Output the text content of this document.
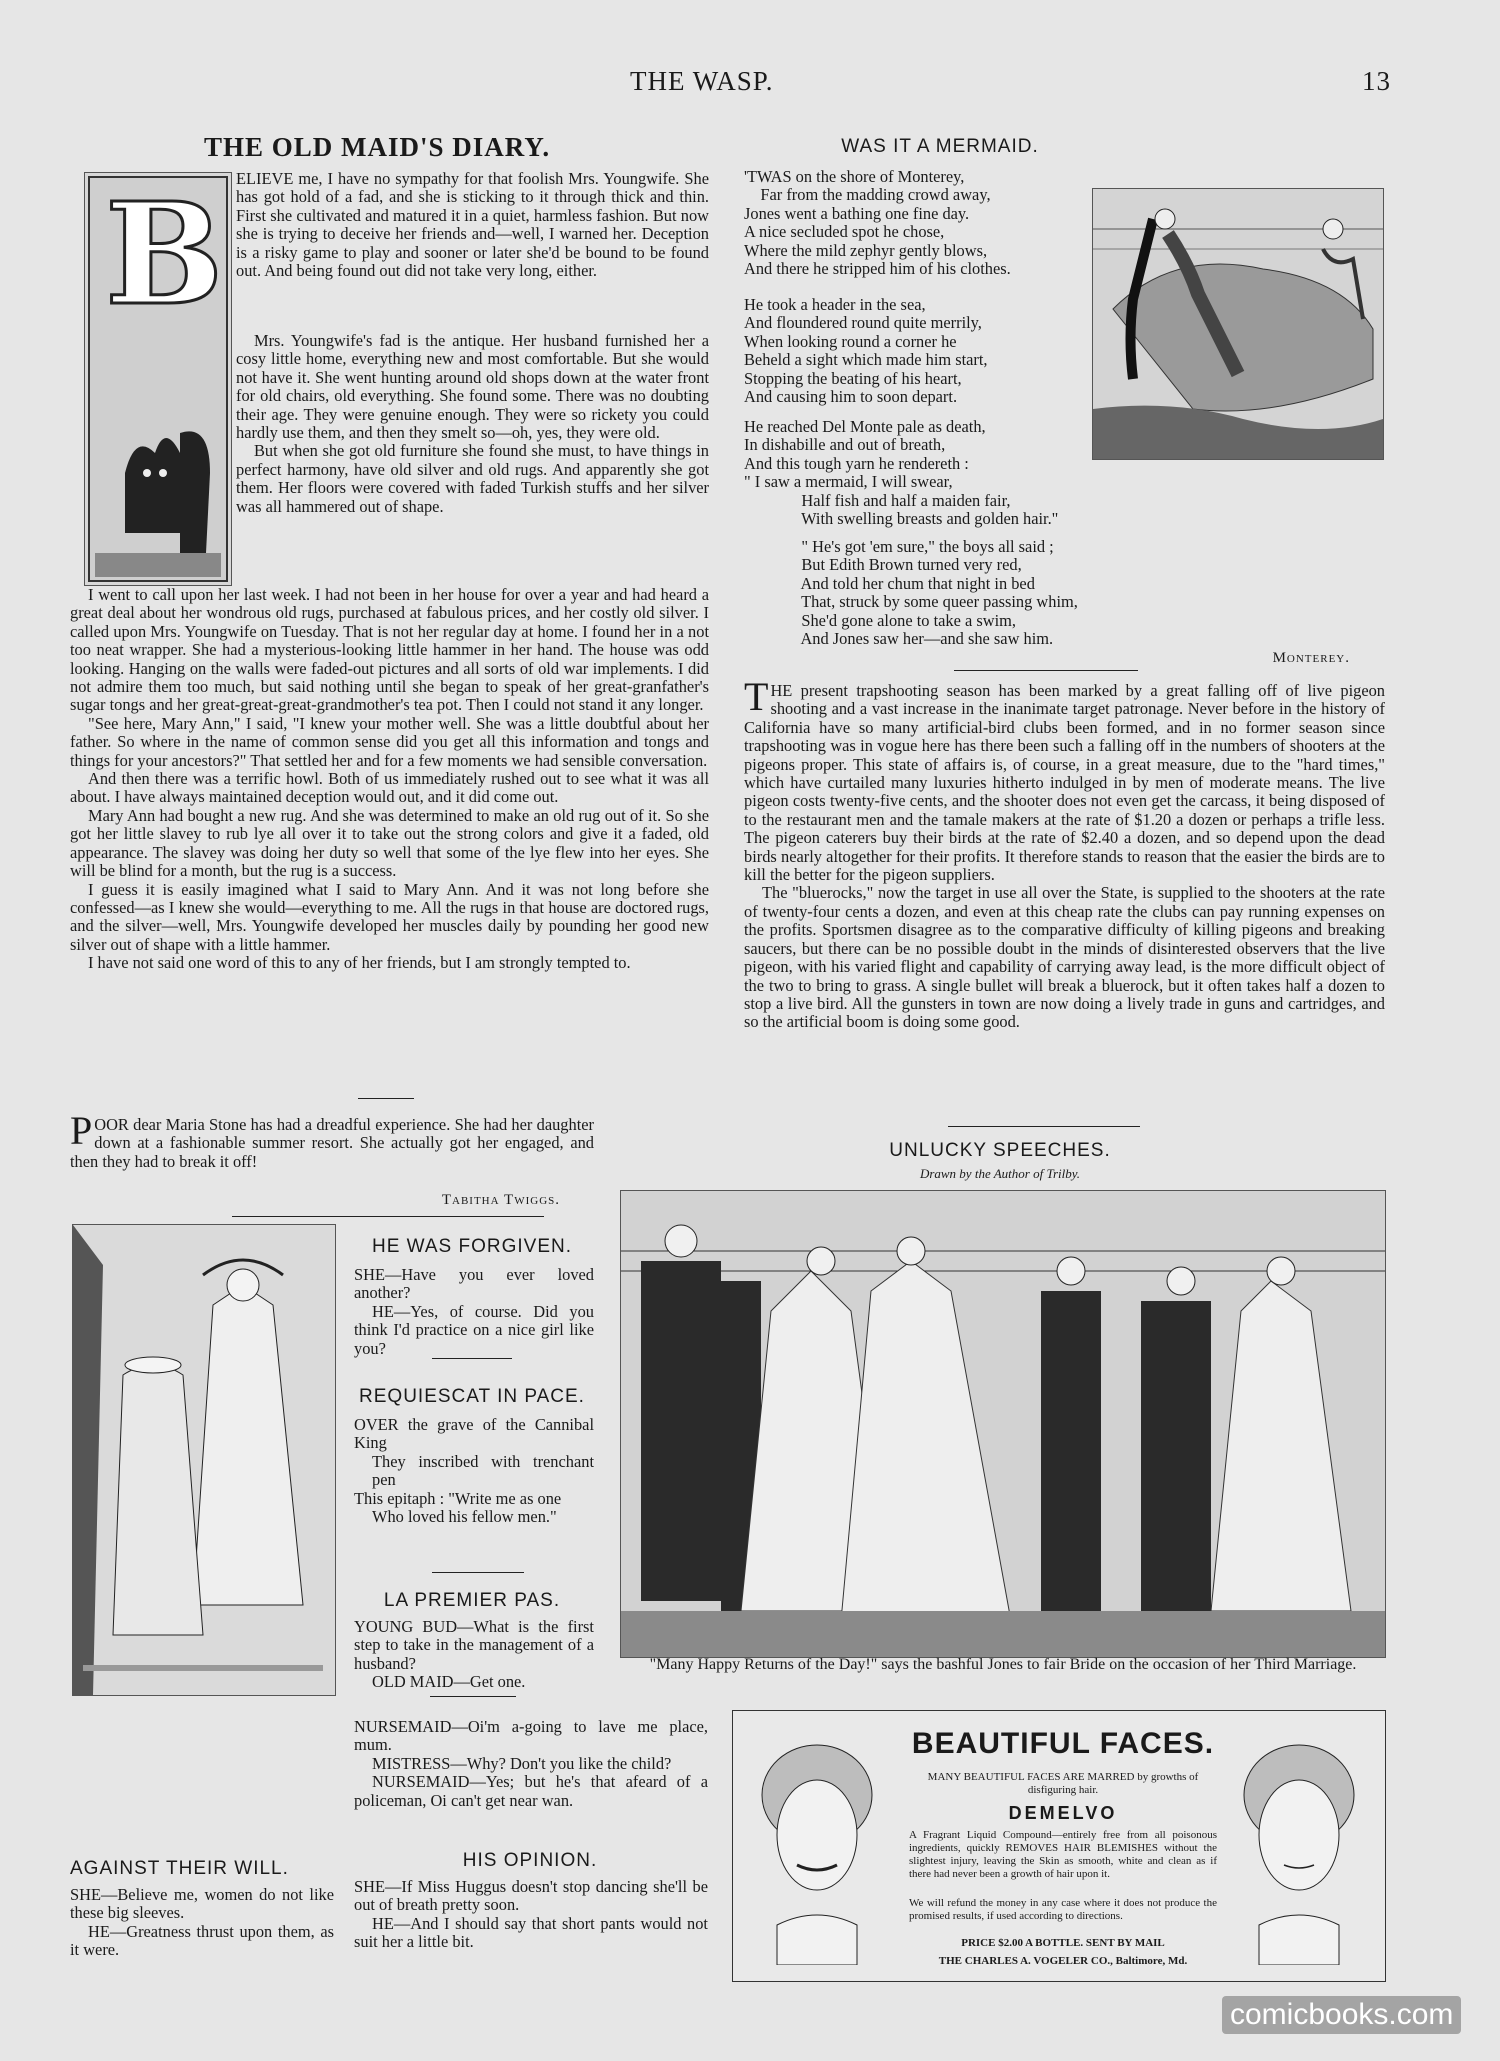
THE WASP.	13
THE OLD MAID'S DIARY.
B ELIEVE me, I have no sympathy for that foolish Mrs. Youngwife. She has got hold of a fad, and she is sticking to it through thick and thin. First she cultivated and matured it in a quiet, harmless fashion. But now she is trying to deceive her friends and—well, I warned her. Deception is a risky game to play and sooner or later she'd be bound to be found out. And being found out did not take very long, either.

Mrs. Youngwife's fad is the antique. Her husband furnished her a cosy little home, everything new and most comfortable. But she would not have it. She went hunting around old shops down at the water front for old chairs, old everything. She found some. There was no doubting their age. They were genuine enough. They were so rickety you could hardly use them, and then they smelt so—oh, yes, they were old.

But when she got old furniture she found she must, to have things in perfect harmony, have old silver and old rugs. And apparently she got them. Her floors were covered with faded Turkish stuffs and her silver was all hammered out of shape.

I went to call upon her last week. I had not been in her house for over a year and had heard a great deal about her wondrous old rugs, purchased at fabulous prices, and her costly old silver. I called upon Mrs. Youngwife on Tuesday. That is not her regular day at home. I found her in a not too neat wrapper. She had a mysterious-looking little hammer in her hand. The house was odd looking. Hanging on the walls were faded-out pictures and all sorts of old war implements. I did not admire them too much, but said nothing until she began to speak of her great-granfather's sugar tongs and her great-great-great-grandmother's tea pot. Then I could not stand it any longer.

"See here, Mary Ann," I said, "I knew your mother well. She was a little doubtful about her father. So where in the name of common sense did you get all this information and tongs and things for your ancestors?" That settled her and for a few moments we had sensible conversation.

And then there was a terrific howl. Both of us immediately rushed out to see what it was all about. I have always maintained deception would out, and it did come out.

Mary Ann had bought a new rug. And she was determined to make an old rug out of it. So she got her little slavey to rub lye all over it to take out the strong colors and give it a faded, old appearance. The slavey was doing her duty so well that some of the lye flew into her eyes. She will be blind for a month, but the rug is a success.

I guess it is easily imagined what I said to Mary Ann. And it was not long before she confessed—as I knew she would—everything to me. All the rugs in that house are doctored rugs, and the silver—well, Mrs. Youngwife developed her muscles daily by pounding her good new silver out of shape with a little hammer.

I have not said one word of this to any of her friends, but I am strongly tempted to.

POOR dear Maria Stone has had a dreadful experience. She had her daughter down at a fashionable summer resort. She actually got her engaged, and then they had to break it off!
Tabitha Twiggs.
WAS IT A MERMAID.
'TWAS on the shore of Monterey,
Far from the madding crowd away,
Jones went a bathing one fine day.
A nice secluded spot he chose,
Where the mild zephyr gently blows,
And there he stripped him of his clothes.
He took a header in the sea,
And floundered round quite merrily,
When looking round a corner he
Beheld a sight which made him start,
Stopping the beating of his heart,
And causing him to soon depart.
He reached Del Monte pale as death,
In dishabille and out of breath,
And this tough yarn he rendereth :
" I saw a mermaid, I will swear,
Half fish and half a maiden fair,
With swelling breasts and golden hair."
" He's got 'em sure," the boys all said ;
But Edith Brown turned very red,
And told her chum that night in bed
That, struck by some queer passing whim,
She'd gone alone to take a swim,
And Jones saw her—and she saw him.
Monterey.

THE present trapshooting season has been marked by a great falling off of live pigeon shooting and a vast increase in the inanimate target patronage. Never before in the history of California have so many artificial-bird clubs been formed, and in no former season since trapshooting was in vogue here has there been such a falling off in the numbers of shooters at the pigeons proper. This state of affairs is, of course, in a great measure, due to the "hard times," which have curtailed many luxuries hitherto indulged in by men of moderate means. The live pigeon costs twenty-five cents, and the shooter does not even get the carcass, it being disposed of to the restaurant men and the tamale makers at the rate of $1.20 a dozen or perhaps a trifle less. The pigeon caterers buy their birds at the rate of $2.40 a dozen, and so depend upon the dead birds nearly altogether for their profits. It therefore stands to reason that the easier the birds are to kill the better for the pigeon suppliers.

The "bluerocks," now the target in use all over the State, is supplied to the shooters at the rate of twenty-four cents a dozen, and even at this cheap rate the clubs can pay running expenses on the profits. Sportsmen disagree as to the comparative difficulty of killing pigeons and breaking saucers, but there can be no possible doubt in the minds of disinterested observers that the live pigeon, with his varied flight and capability of carrying away lead, is the more difficult object of the two to bring to grass. A single bullet will break a bluerock, but it often takes half a dozen to stop a live bird. All the gunsters in town are now doing a lively trade in guns and cartridges, and so the artificial boom is doing some good.

UNLUCKY SPEECHES.
Drawn by the Author of Trilby.
"Many Happy Returns of the Day!" says the bashful Jones to fair Bride on the occasion of her Third Marriage.
HE WAS FORGIVEN.
SHE—Have you ever loved another?
HE—Yes, of course. Did you think I'd practice on a nice girl like you?
REQUIESCAT IN PACE.
OVER the grave of the Cannibal King
They inscribed with trenchant pen
This epitaph : "Write me as one
Who loved his fellow men."
LA PREMIER PAS.
YOUNG BUD—What is the first step to take in the management of a husband?
OLD MAID—Get one.
NURSEMAID—Oi'm a-going to lave me place, mum.
MISTRESS—Why? Don't you like the child?
NURSEMAID—Yes; but he's that afeard of a policeman, Oi can't get near wan.
HIS OPINION.
SHE—If Miss Huggus doesn't stop dancing she'll be out of breath pretty soon.
HE—And I should say that short pants would not suit her a little bit.
AGAINST THEIR WILL.
SHE—Believe me, women do not like these big sleeves.
HE—Greatness thrust upon them, as it were.
BEAUTIFUL FACES.
MANY BEAUTIFUL FACES ARE MARRED by growths of disfiguring hair.
DEMELVO
A Fragrant Liquid Compound—entirely free from all poisonous ingredients, quickly REMOVES HAIR BLEMISHES without the slightest injury, leaving the Skin as smooth, white and clean as if there had never been a growth of hair upon it.
We will refund the money in any case where it does not produce the promised results, if used according to directions.
PRICE $2.00 A BOTTLE. SENT BY MAIL
THE CHARLES A. VOGELER CO., Baltimore, Md.
comicbooks.com
